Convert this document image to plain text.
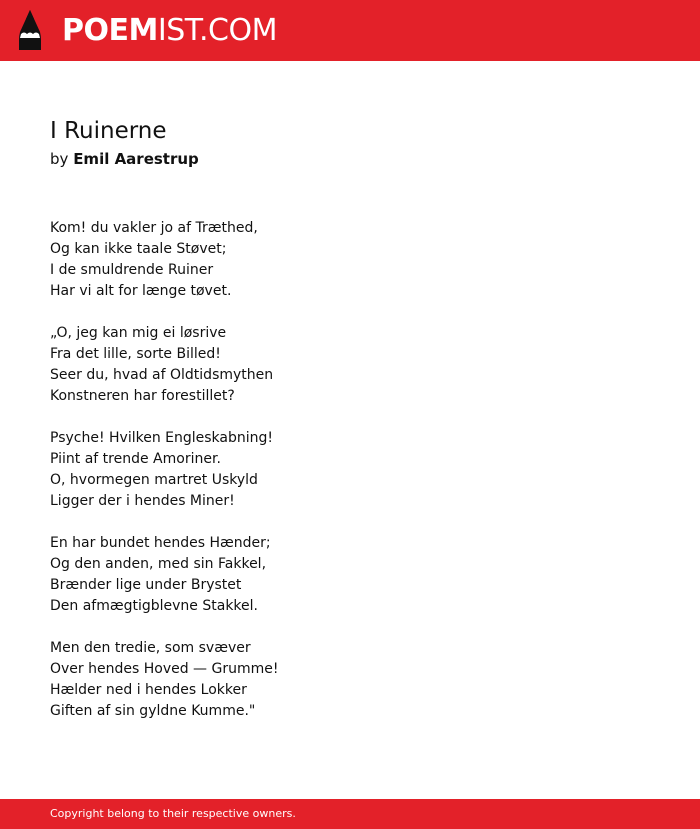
POEMIST.COM
I Ruinerne
by Emil Aarestrup
Kom! du vakler jo af Træthed,
Og kan ikke taale Støvet;
I de smuldrende Ruiner
Har vi alt for længe tøvet.
„O, jeg kan mig ei løsrive
Fra det lille, sorte Billed!
Seer du, hvad af Oldtidsmythen
Konstneren har forestillet?
Psyche! Hvilken Engleskabning!
Piint af trende Amoriner.
O, hvormegen martret Uskyld
Ligger der i hendes Miner!
En har bundet hendes Hænder;
Og den anden, med sin Fakkel,
Brænder lige under Brystet
Den afmægtigblevne Stakkel.
Men den tredie, som svæver
Over hendes Hoved — Grumme!
Hælder ned i hendes Lokker
Giften af sin gyldne Kumme."
Copyright belong to their respective owners.
